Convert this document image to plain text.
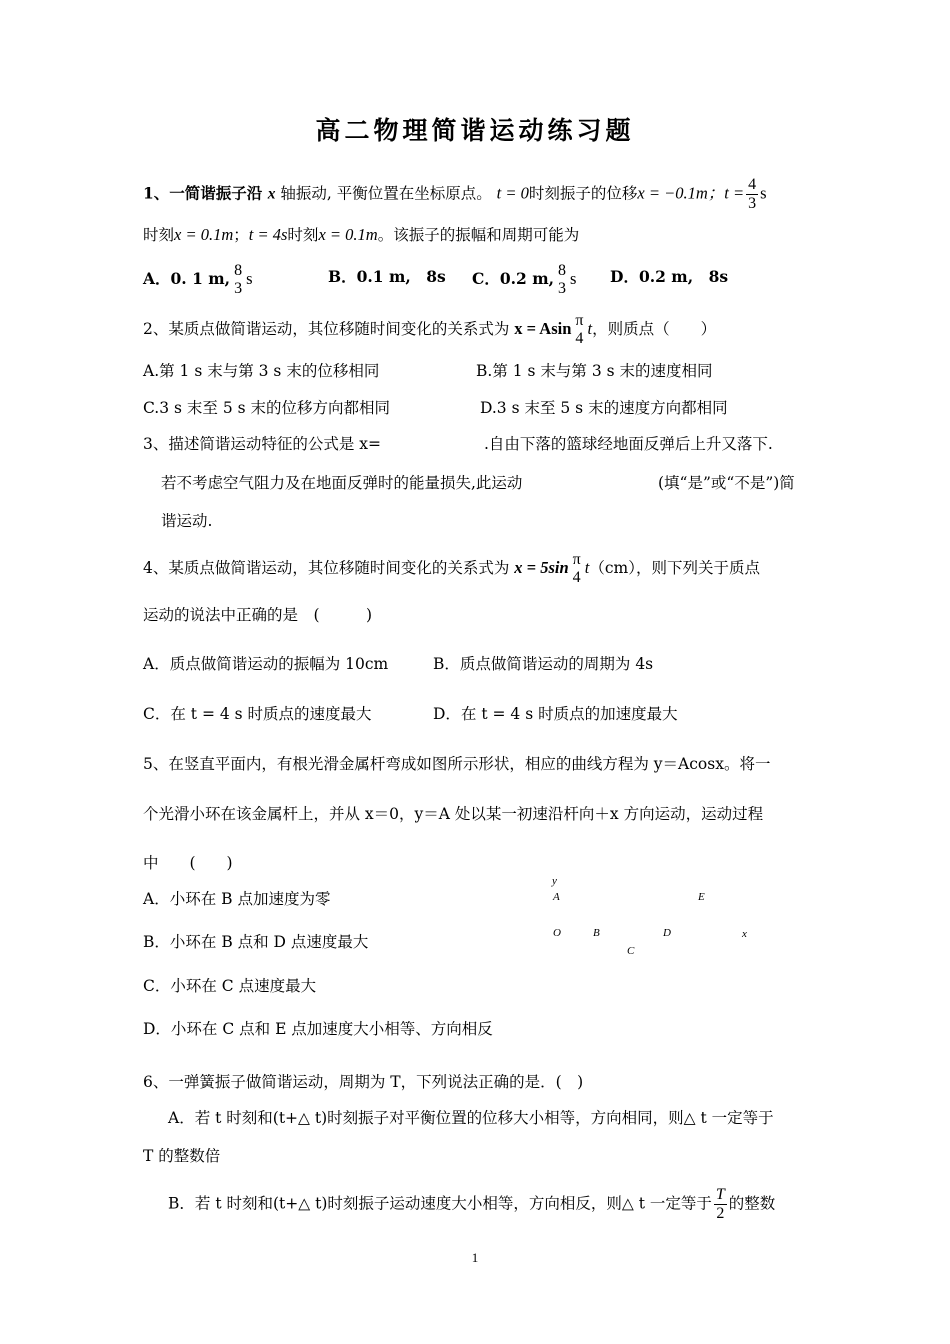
高二物理简谐运动练习题
1、一简谐振子沿 x 轴振动, 平衡位置在坐标原点。 t = 0时刻振子的位移x = −0.1m；$t = \frac{4}{3}$ s
时刻x = 0.1m；t = 4s时刻x = 0.1m。该振子的振幅和周期可能为
A．0. 1 m, 8
3
s	B．0.1 m,　8s C．0.2 m, 8
3
s D．0.2 m,　8s
2、某质点做简谐运动，其位移随时间变化的关系式为 x = Asin π
4
t，则质点（　　）
A.第 1 s 末与第 3 s 末的位移相同	B.第 1 s 末与第 3 s 末的速度相同
C.3 s 末至 5 s 末的位移方向都相同	D.3 s 末至 5 s 末的速度方向都相同
3、描述简谐运动特征的公式是 x=	.自由下落的篮球经地面反弹后上升又落下.
若不考虑空气阻力及在地面反弹时的能量损失,此运动	(填“是”或“不是”)简
谐运动.
4、某质点做简谐运动，其位移随时间变化的关系式为 x = 5sin π
4
t（cm），则下列关于质点
运动的说法中正确的是　(　　　)
A．质点做简谐运动的振幅为 10cm	B．质点做简谐运动的周期为 4s
C．在 t = 4 s 时质点的速度最大	D．在 t = 4 s 时质点的加速度最大
5、在竖直平面内，有根光滑金属杆弯成如图所示形状，相应的曲线方程为 y＝Acosx。将一
个光滑小环在该金属杆上，并从 x＝0，y＝A 处以某一初速沿杆向＋x 方向运动，运动过程
中　　(　　)
A．小环在 B 点加速度为零
B．小环在 B 点和 D 点速度最大
C．小环在 C 点速度最大
D．小环在 C 点和 E 点加速度大小相等、方向相反
y
A	E
O	B	D	x
C
6、一弹簧振子做简谐运动，周期为 T，下列说法正确的是．(　)
A．若 t 时刻和(t+△ t)时刻振子对平衡位置的位移大小相等，方向相同，则△ t 一定等于
T 的整数倍
B．若 t 时刻和(t+△ t)时刻振子运动速度大小相等，方向相反，则△ t 一定等于 $\frac{T}{2}$ 的整数
1
